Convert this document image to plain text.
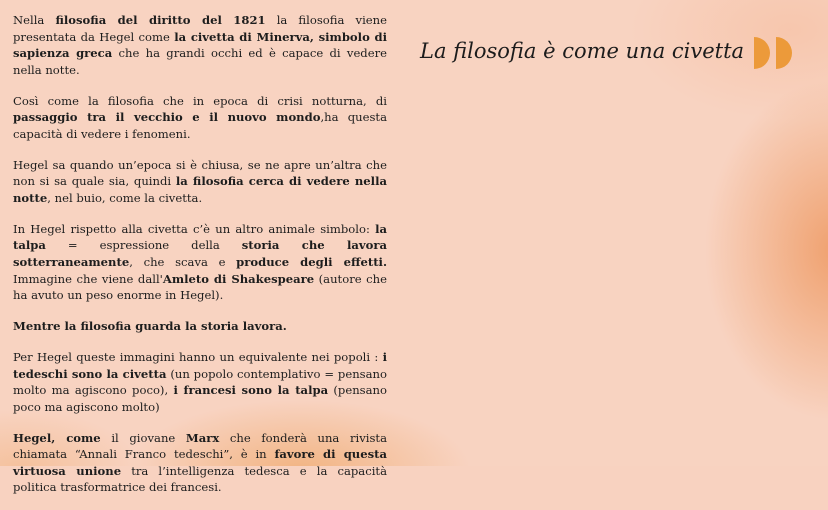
Nella filosofia del diritto del 1821 la filosofia viene presentata da Hegel come la civetta di Minerva, simbolo di sapienza greca che ha grandi occhi ed è capace di vedere nella notte.

Così come la filosofia che in epoca di crisi notturna, di passaggio tra il vecchio e il nuovo mondo,ha questa capacità di vedere i fenomeni.

Hegel sa quando un’epoca si è chiusa, se ne apre un’altra che non si sa quale sia, quindi la filosofia cerca di vedere nella notte, nel buio, come la civetta.

In Hegel rispetto alla civetta c’è un altro animale simbolo: la talpa = espressione della storia che lavora sotterraneamente, che scava e produce degli effetti. Immagine che viene dall'Amleto di Shakespeare (autore che ha avuto un peso enorme in Hegel).

Mentre la filosofia guarda la storia lavora.

Per Hegel queste immagini hanno un equivalente nei popoli : i tedeschi sono la civetta (un popolo contemplativo = pensano molto ma agiscono poco), i francesi sono la talpa (pensano poco ma agiscono molto)

Hegel, come il giovane Marx che fonderà una rivista chiamata “Annali Franco tedeschi”, è in favore di questa virtuosa unione tra l’intelligenza tedesca e la capacità politica trasformatrice dei francesi.

La filosofia è come una civetta
